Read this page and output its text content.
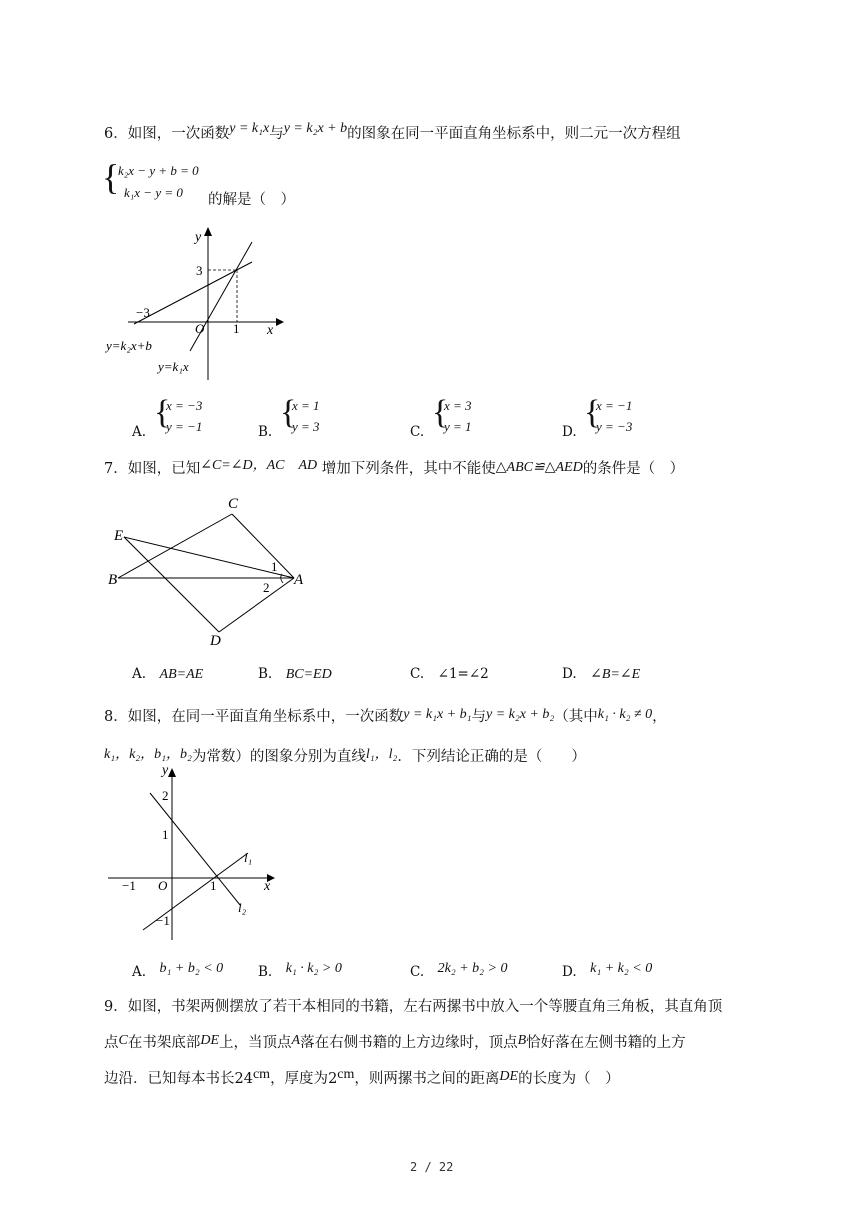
6．如图，一次函数y = k₁x与y = k₂x + b的图象在同一平面直角坐标系中，则二元一次方程组
{
k₂x − y + b = 0
k₁x − y = 0 的解是（　）
y
x
O
3
−3
1
y=k₂x+b
y=k₁x
A.
{
x = −3
y = −1	B.
{
x = 1
y = 3	C.
{
x = 3
y = 1	D.
{
x = −1
y = −3
7．如图，已知∠C=∠D，AC　AD 增加下列条件，其中不能使△ABC≌△AED的条件是（　）
C
E
B	A
D
1
2
A.　 AB=AE	B.　 BC=ED	C.　 ∠1=∠2	D.　 ∠B=∠E
8．如图，在同一平面直角坐标系中，一次函数y = k₁x + b₁与y = k₂x + b₂（其中k₁ · k₂ ≠ 0，
k₁，k₂，b₁，b₂为常数）的图象分别为直线l₁，l₂．下列结论正确的是（　　）
y
x
O
2
1
−1
−1	1
l₁
l₂
A.　 b₁ + b₂ < 0	B.　 k₁ · k₂ > 0	C.　 2k₂ + b₂ > 0	D.　 k₁ + k₂ < 0
9．如图，书架两侧摆放了若干本相同的书籍，左右两摞书中放入一个等腰直角三角板，其直角顶
点C在书架底部DE上，当顶点A落在右侧书籍的上方边缘时，顶点B恰好落在左侧书籍的上方
边沿．已知每本书长24cm，厚度为2cm，则两摞书之间的距离DE的长度为（　）
2 / 22
